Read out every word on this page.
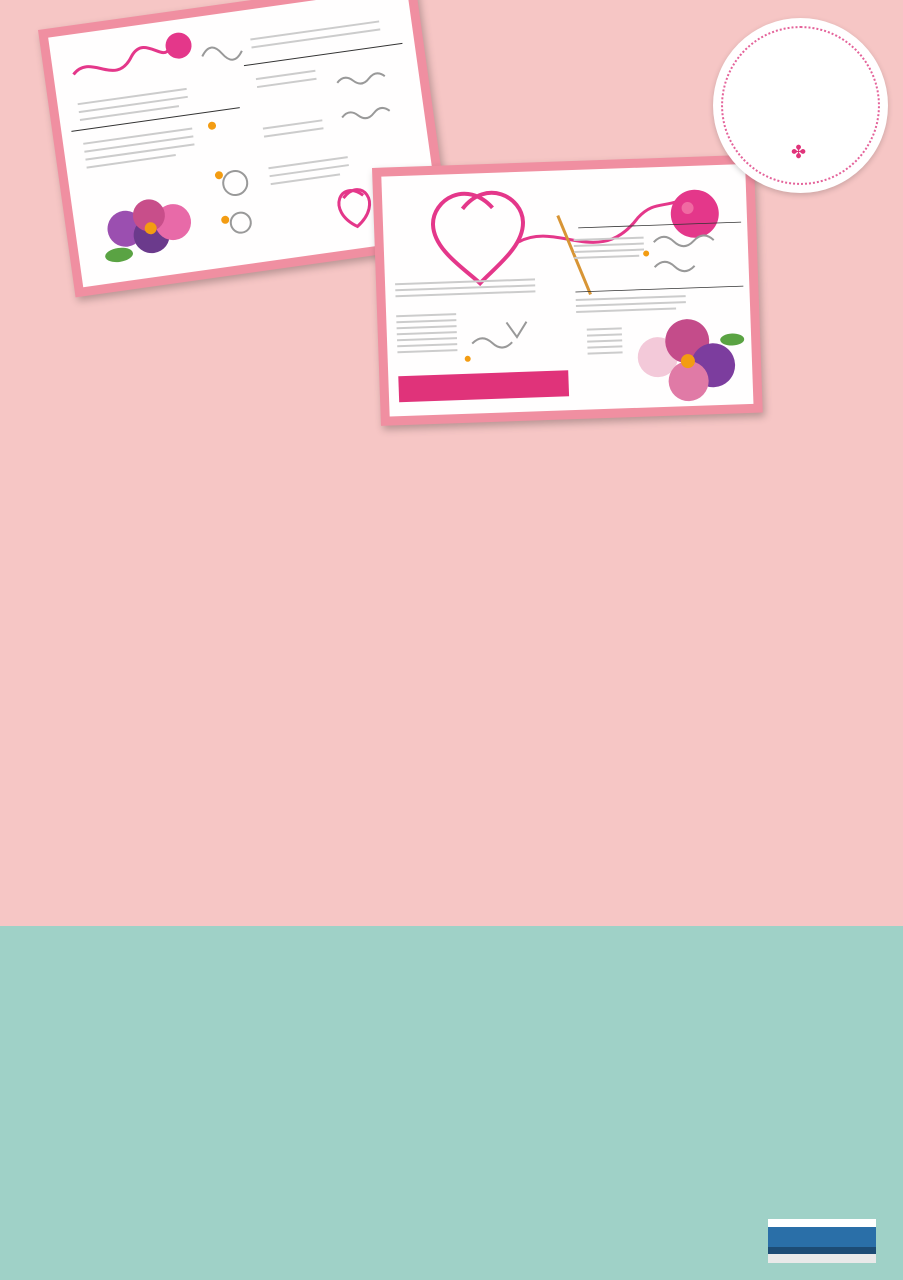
✤
